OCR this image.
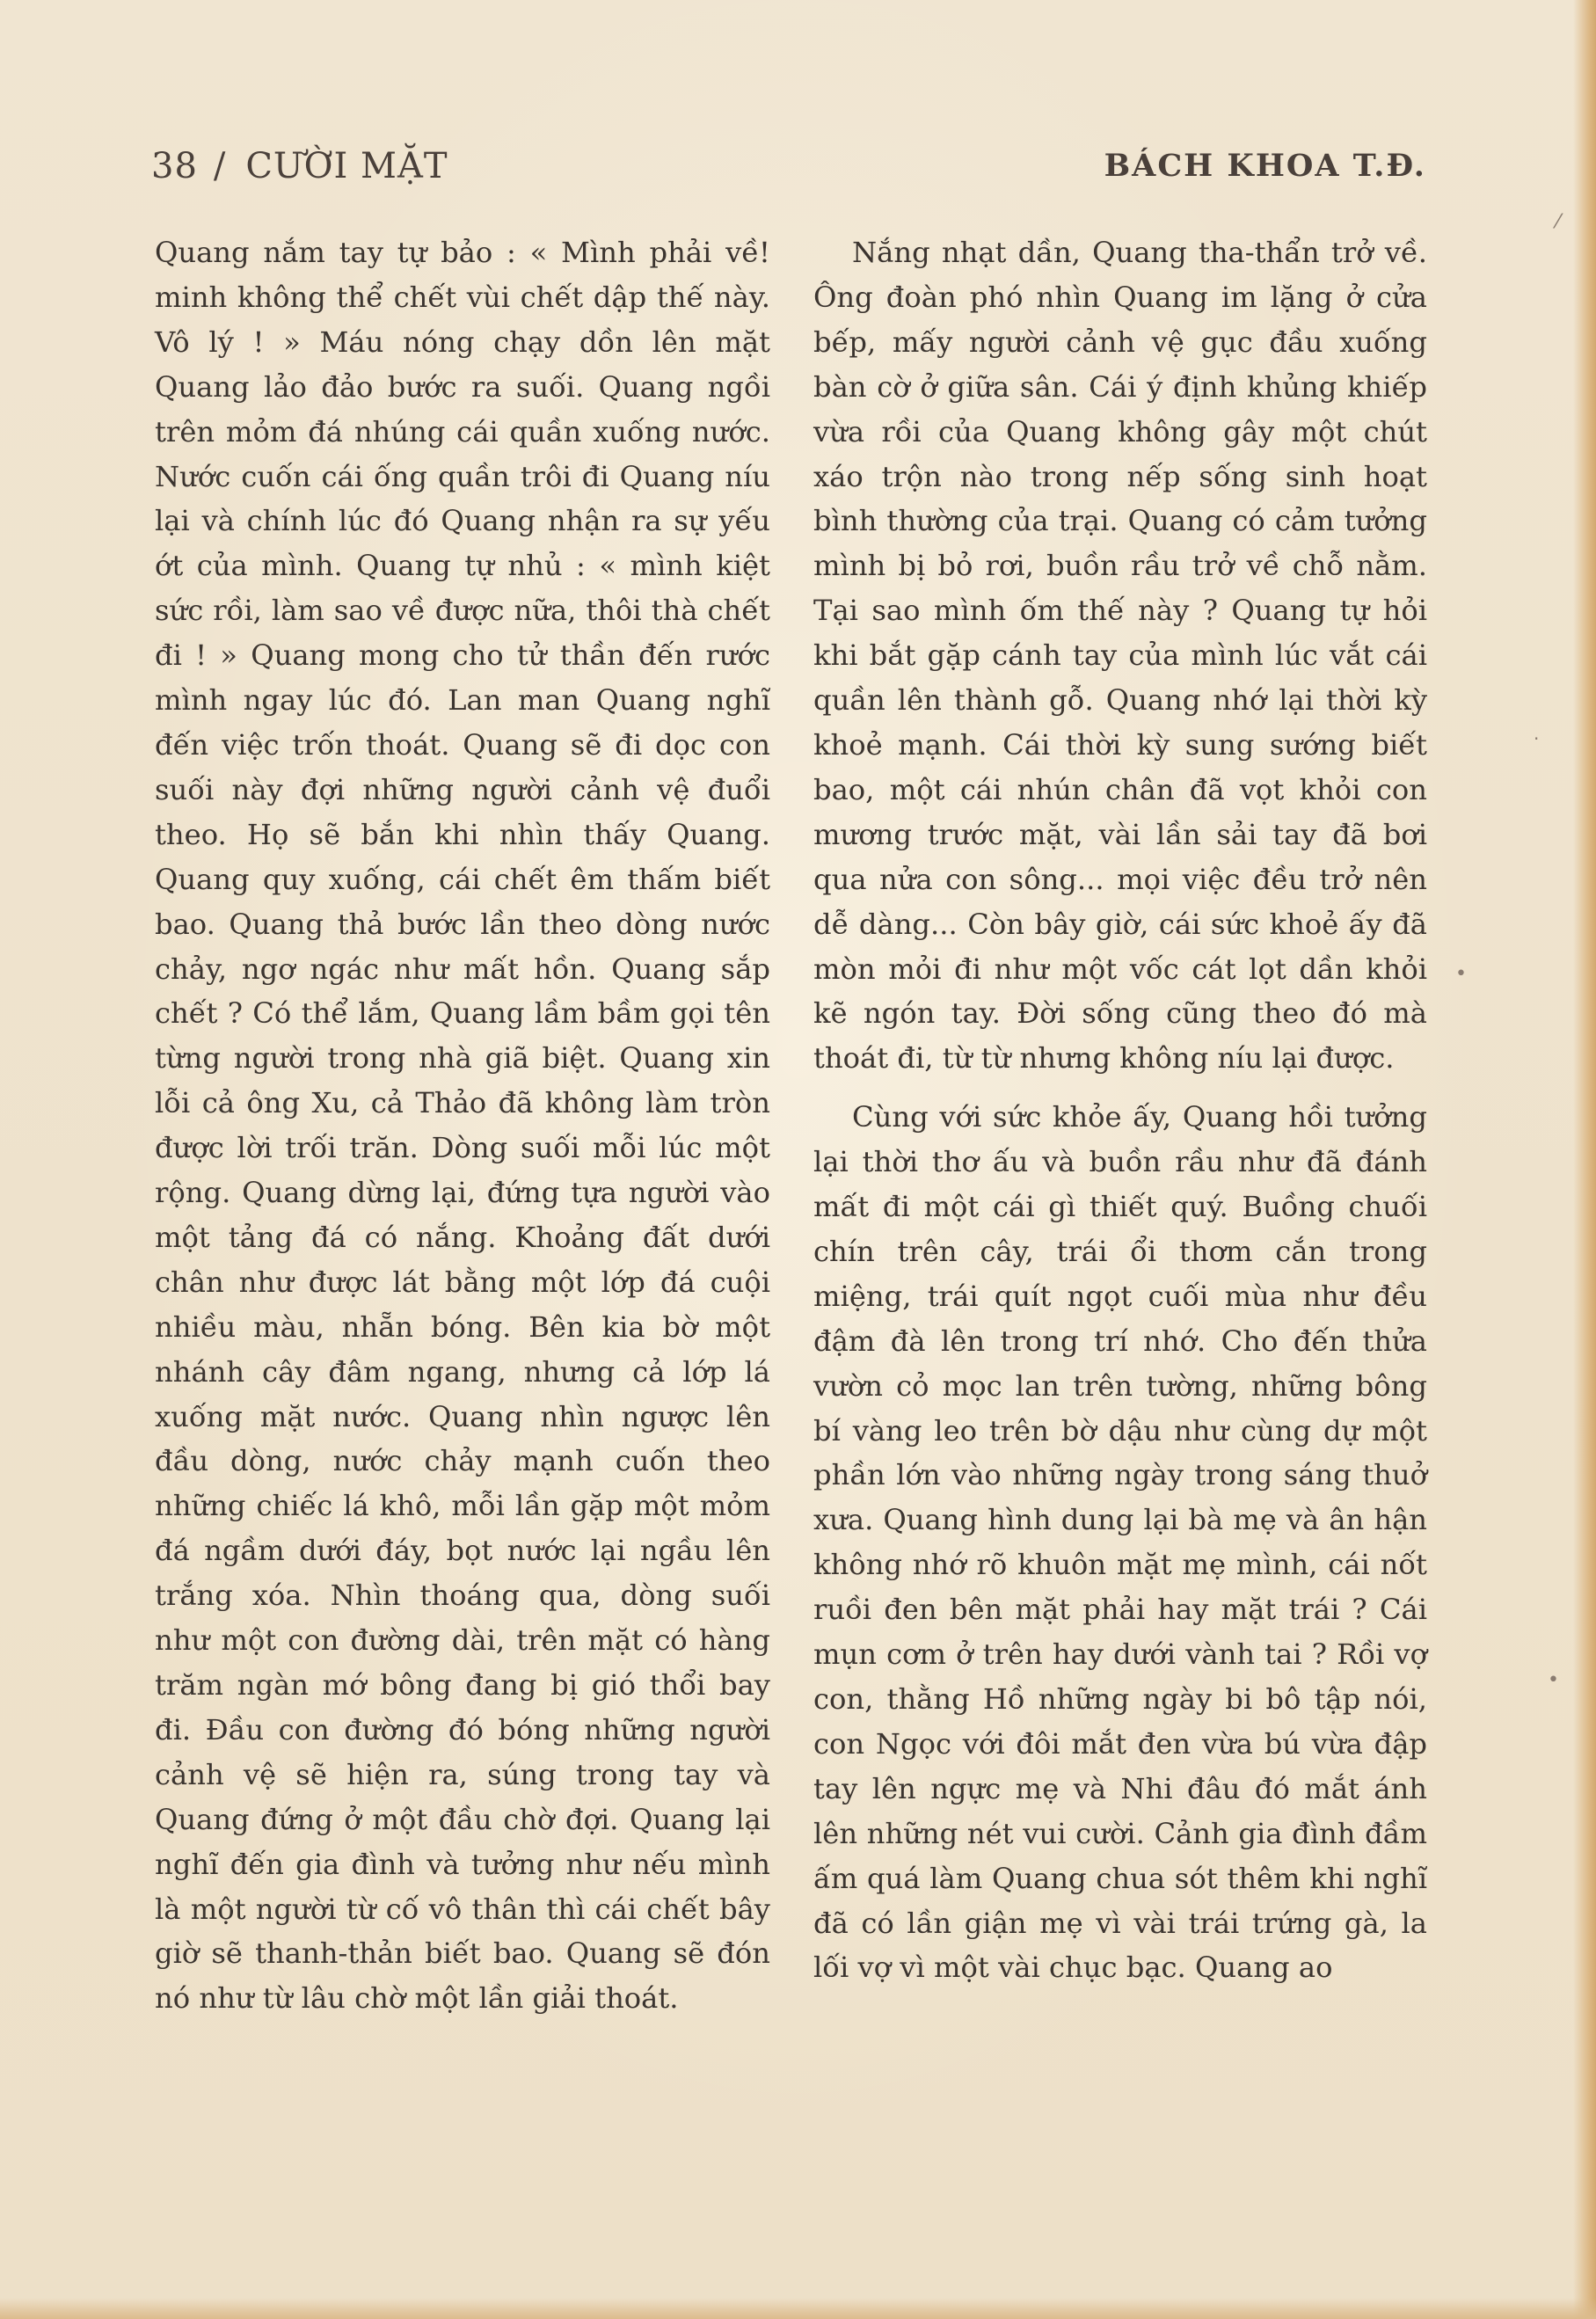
38 / CƯỜI MẶT	BÁCH KHOA T.Đ.

Quang nắm tay tự bảo : « Mình phải về! minh không thể chết vùi chết dập thế này. Vô lý ! » Máu nóng chạy dồn lên mặt Quang lảo đảo bước ra suối. Quang ngồi trên mỏm đá nhúng cái quần xuống nước. Nước cuốn cái ống quần trôi đi Quang níu lại và chính lúc đó Quang nhận ra sự yếu ớt của mình. Quang tự nhủ : « mình kiệt sức rồi, làm sao về được nữa, thôi thà chết đi ! » Quang mong cho tử thần đến rước mình ngay lúc đó. Lan man Quang nghĩ đến việc trốn thoát. Quang sẽ đi dọc con suối này đợi những người cảnh vệ đuổi theo. Họ sẽ bắn khi nhìn thấy Quang. Quang quy xuống, cái chết êm thấm biết bao. Quang thả bước lần theo dòng nước chảy, ngơ ngác như mất hồn. Quang sắp chết ? Có thể lắm, Quang lầm bầm gọi tên từng người trong nhà giã biệt. Quang xin lỗi cả ông Xu, cả Thảo đã không làm tròn được lời trối trăn. Dòng suối mỗi lúc một rộng. Quang dừng lại, đứng tựa người vào một tảng đá có nắng. Khoảng đất dưới chân như được lát bằng một lớp đá cuội nhiều màu, nhẵn bóng. Bên kia bờ một nhánh cây đâm ngang, nhưng cả lớp lá xuống mặt nước. Quang nhìn ngược lên đầu dòng, nước chảy mạnh cuốn theo những chiếc lá khô, mỗi lần gặp một mỏm đá ngầm dưới đáy, bọt nước lại ngầu lên trắng xóa. Nhìn thoáng qua, dòng suối như một con đường dài, trên mặt có hàng trăm ngàn mớ bông đang bị gió thổi bay đi. Đầu con đường đó bóng những người cảnh vệ sẽ hiện ra, súng trong tay và Quang đứng ở một đầu chờ đợi. Quang lại nghĩ đến gia đình và tưởng như nếu mình là một người từ cố vô thân thì cái chết bây giờ sẽ thanh-thản biết bao. Quang sẽ đón nó như từ lâu chờ một lần giải thoát.

Nắng nhạt dần, Quang tha-thẩn trở về. Ông đoàn phó nhìn Quang im lặng ở cửa bếp, mấy người cảnh vệ gục đầu xuống bàn cờ ở giữa sân. Cái ý định khủng khiếp vừa rồi của Quang không gây một chút xáo trộn nào trong nếp sống sinh hoạt bình thường của trại. Quang có cảm tưởng mình bị bỏ rơi, buồn rầu trở về chỗ nằm. Tại sao mình ốm thế này ? Quang tự hỏi khi bắt gặp cánh tay của mình lúc vắt cái quần lên thành gỗ. Quang nhớ lại thời kỳ khoẻ mạnh. Cái thời kỳ sung sướng biết bao, một cái nhún chân đã vọt khỏi con mương trước mặt, vài lần sải tay đã bơi qua nửa con sông... mọi việc đều trở nên dễ dàng... Còn bây giờ, cái sức khoẻ ấy đã mòn mỏi đi như một vốc cát lọt dần khỏi kẽ ngón tay. Đời sống cũng theo đó mà thoát đi, từ từ nhưng không níu lại được.

Cùng với sức khỏe ấy, Quang hồi tưởng lại thời thơ ấu và buồn rầu như đã đánh mất đi một cái gì thiết quý. Buồng chuối chín trên cây, trái ổi thơm cắn trong miệng, trái quít ngọt cuối mùa như đều đậm đà lên trong trí nhớ. Cho đến thửa vườn cỏ mọc lan trên tường, những bông bí vàng leo trên bờ dậu như cùng dự một phần lớn vào những ngày trong sáng thuở xưa. Quang hình dung lại bà mẹ và ân hận không nhớ rõ khuôn mặt mẹ mình, cái nốt ruồi đen bên mặt phải hay mặt trái ? Cái mụn cơm ở trên hay dưới vành tai ? Rồi vợ con, thằng Hồ những ngày bi bô tập nói, con Ngọc với đôi mắt đen vừa bú vừa đập tay lên ngực mẹ và Nhi đâu đó mắt ánh lên những nét vui cười. Cảnh gia đình đầm ấm quá làm Quang chua sót thêm khi nghĩ đã có lần giận mẹ vì vài trái trứng gà, la lối vợ vì một vài chục bạc. Quang ao

⁄
·
•
•
